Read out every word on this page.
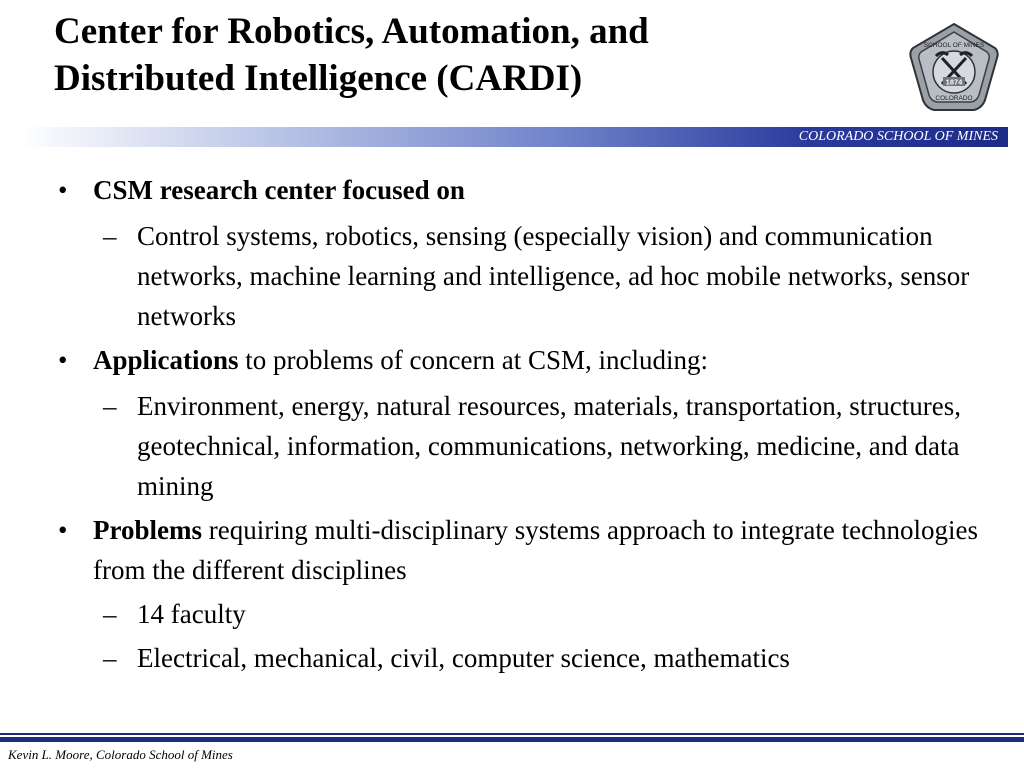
Center for Robotics, Automation, and
Distributed Intelligence (CARDI)	1874
SCHOOL OF MINES
COLORADO
COLORADO SCHOOL OF MINES
• CSM research center focused on
– Control systems, robotics, sensing (especially vision) and communication networks, machine learning and intelligence, ad hoc mobile networks, sensor networks
• Applications to problems of concern at CSM, including:
– Environment, energy, natural resources, materials, transportation, structures, geotechnical, information, communications, networking, medicine, and data mining
• Problems requiring multi-disciplinary systems approach to integrate technologies from the different disciplines
– 14 faculty
– Electrical, mechanical, civil, computer science, mathematics
Kevin L. Moore, Colorado School of Mines
